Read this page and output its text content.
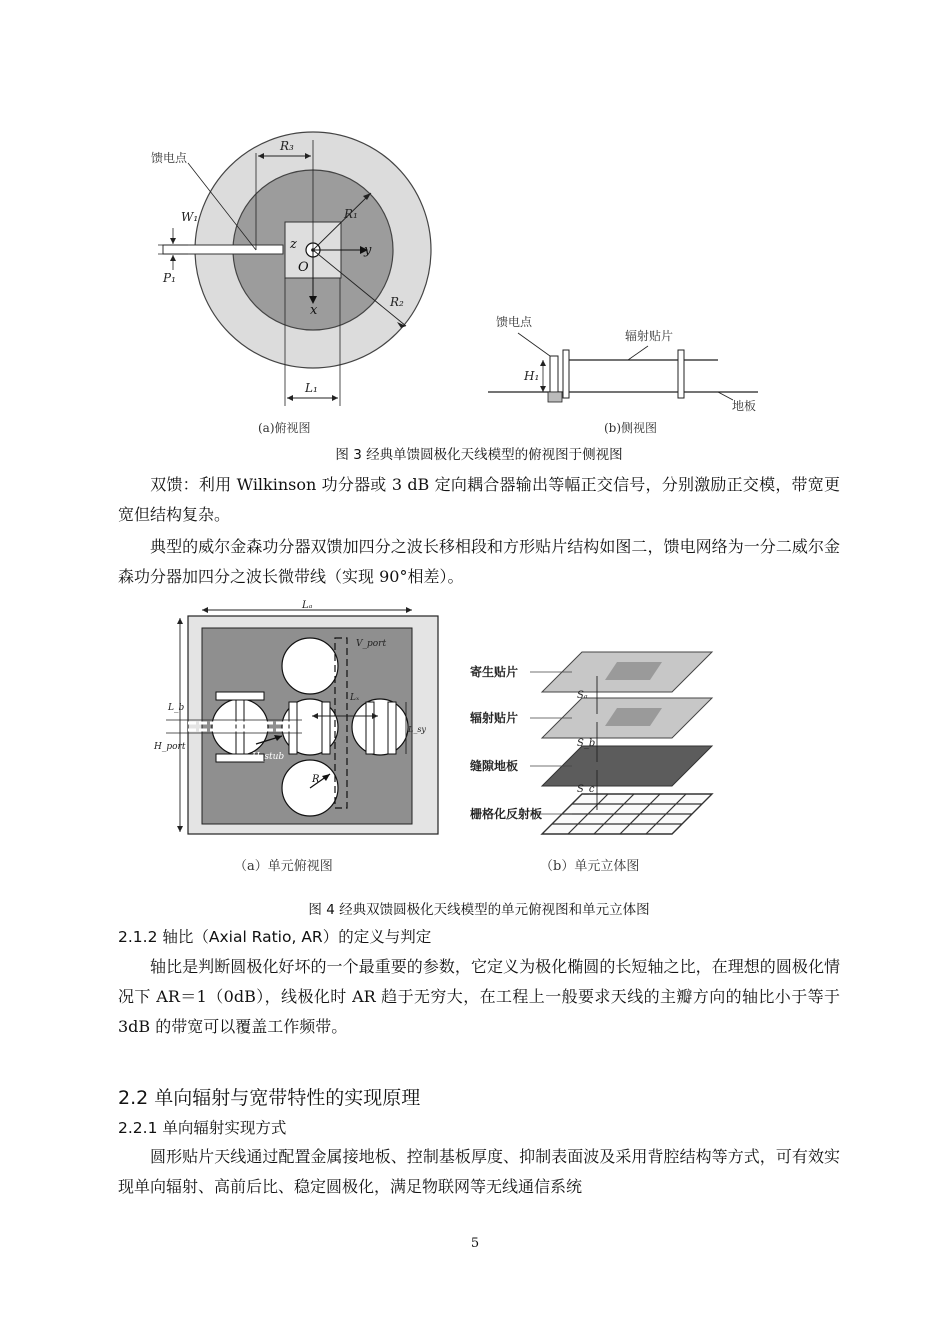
馈电点
R₃
R₁
R₂
W₁
P₁
L₁
z	y
x
O
(a)俯视图
馈电点
辐射贴片
地板
H₁
(b)侧视图
图 3 经典单馈圆极化天线模型的俯视图于侧视图

双馈：利用 Wilkinson 功分器或 3 dB 定向耦合器输出等幅正交信号，分别激励正交模，带宽更宽但结构复杂。

典型的威尔金森功分器双馈加四分之波长移相段和方形贴片结构如图二，馈电网络为一分二威尔金森功分器加四分之波长微带线（实现 90°相差）。

Lₐ
L_b
H_port
V_port
Lₓ
H_stub
R
L_sy
（a）单元俯视图
寄生贴片
辐射贴片
缝隙地板
栅格化反射板
Sₐ
S_b
S_c
（b）单元立体图
图 4 经典双馈圆极化天线模型的单元俯视图和单元立体图
2.1.2 轴比（Axial Ratio, AR）的定义与判定

轴比是判断圆极化好坏的一个最重要的参数，它定义为极化椭圆的长短轴之比，在理想的圆极化情况下 AR＝1（0dB），线极化时 AR 趋于无穷大，在工程上一般要求天线的主瓣方向的轴比小于等于 3dB 的带宽可以覆盖工作频带。

2.2 单向辐射与宽带特性的实现原理
2.2.1 单向辐射实现方式

圆形贴片天线通过配置金属接地板、控制基板厚度、抑制表面波及采用背腔结构等方式，可有效实现单向辐射、高前后比、稳定圆极化，满足物联网等无线通信系统

5
